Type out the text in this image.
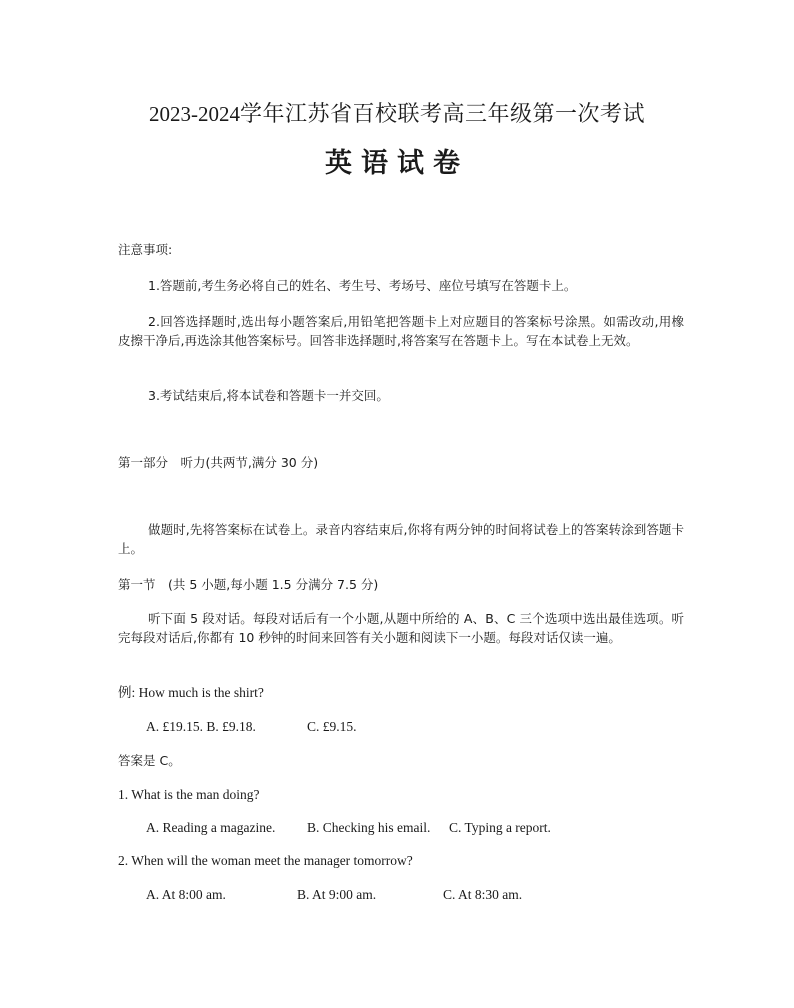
2023-2024学年江苏省百校联考高三年级第一次考试
英语试卷
注意事项:
1.答题前,考生务必将自己的姓名、考生号、考场号、座位号填写在答题卡上。
2.回答选择题时,选出每小题答案后,用铅笔把答题卡上对应题目的答案标号涂黑。如需改动,用橡皮擦干净后,再选涂其他答案标号。回答非选择题时,将答案写在答题卡上。写在本试卷上无效。
3.考试结束后,将本试卷和答题卡一并交回。
第一部分　听力(共两节,满分 30 分)
做题时,先将答案标在试卷上。录音内容结束后,你将有两分钟的时间将试卷上的答案转涂到答题卡上。
第一节　(共 5 小题,每小题 1.5 分满分 7.5 分)
听下面 5 段对话。每段对话后有一个小题,从题中所给的 A、B、C 三个选项中选出最佳选项。听完每段对话后,你都有 10 秒钟的时间来回答有关小题和阅读下一小题。每段对话仅读一遍。
例: How much is the shirt?
A. £19.15. B. £9.18.	C. £9.15.
答案是 C。
1. What is the man doing?
A. Reading a magazine. B. Checking his email. C. Typing a report.
2. When will the woman meet the manager tomorrow?
A. At 8:00 am.	B. At 9:00 am.	C. At 8:30 am.
